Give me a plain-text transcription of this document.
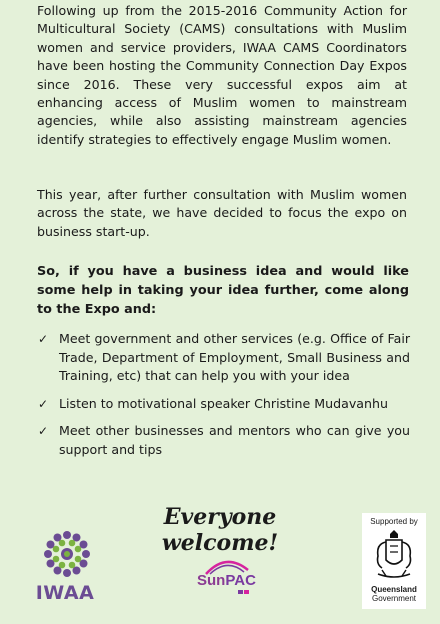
Following up from the 2015-2016 Community Action for Multicultural Society (CAMS) consultations with Muslim women and service providers, IWAA CAMS Coordinators have been hosting the Community Connection Day Expos since 2016. These very successful expos aim at enhancing access of Muslim women to mainstream agencies, while also assisting mainstream agencies identify strategies to effectively engage Muslim women.

This year, after further consultation with Muslim women across the state, we have decided to focus the expo on business start-up.

So, if you have a business idea and would like some help in taking your idea further, come along to the Expo and:

✓ Meet government and other services (e.g. Office of Fair Trade, Department of Employment, Small Business and Training, etc) that can help you with your idea
✓ Listen to motivational speaker Christine Mudavanhu
✓ Meet other businesses and mentors who can give you support and tips

Everyone welcome!

IWAA
SunPAC
Supported by
Queensland
Government
